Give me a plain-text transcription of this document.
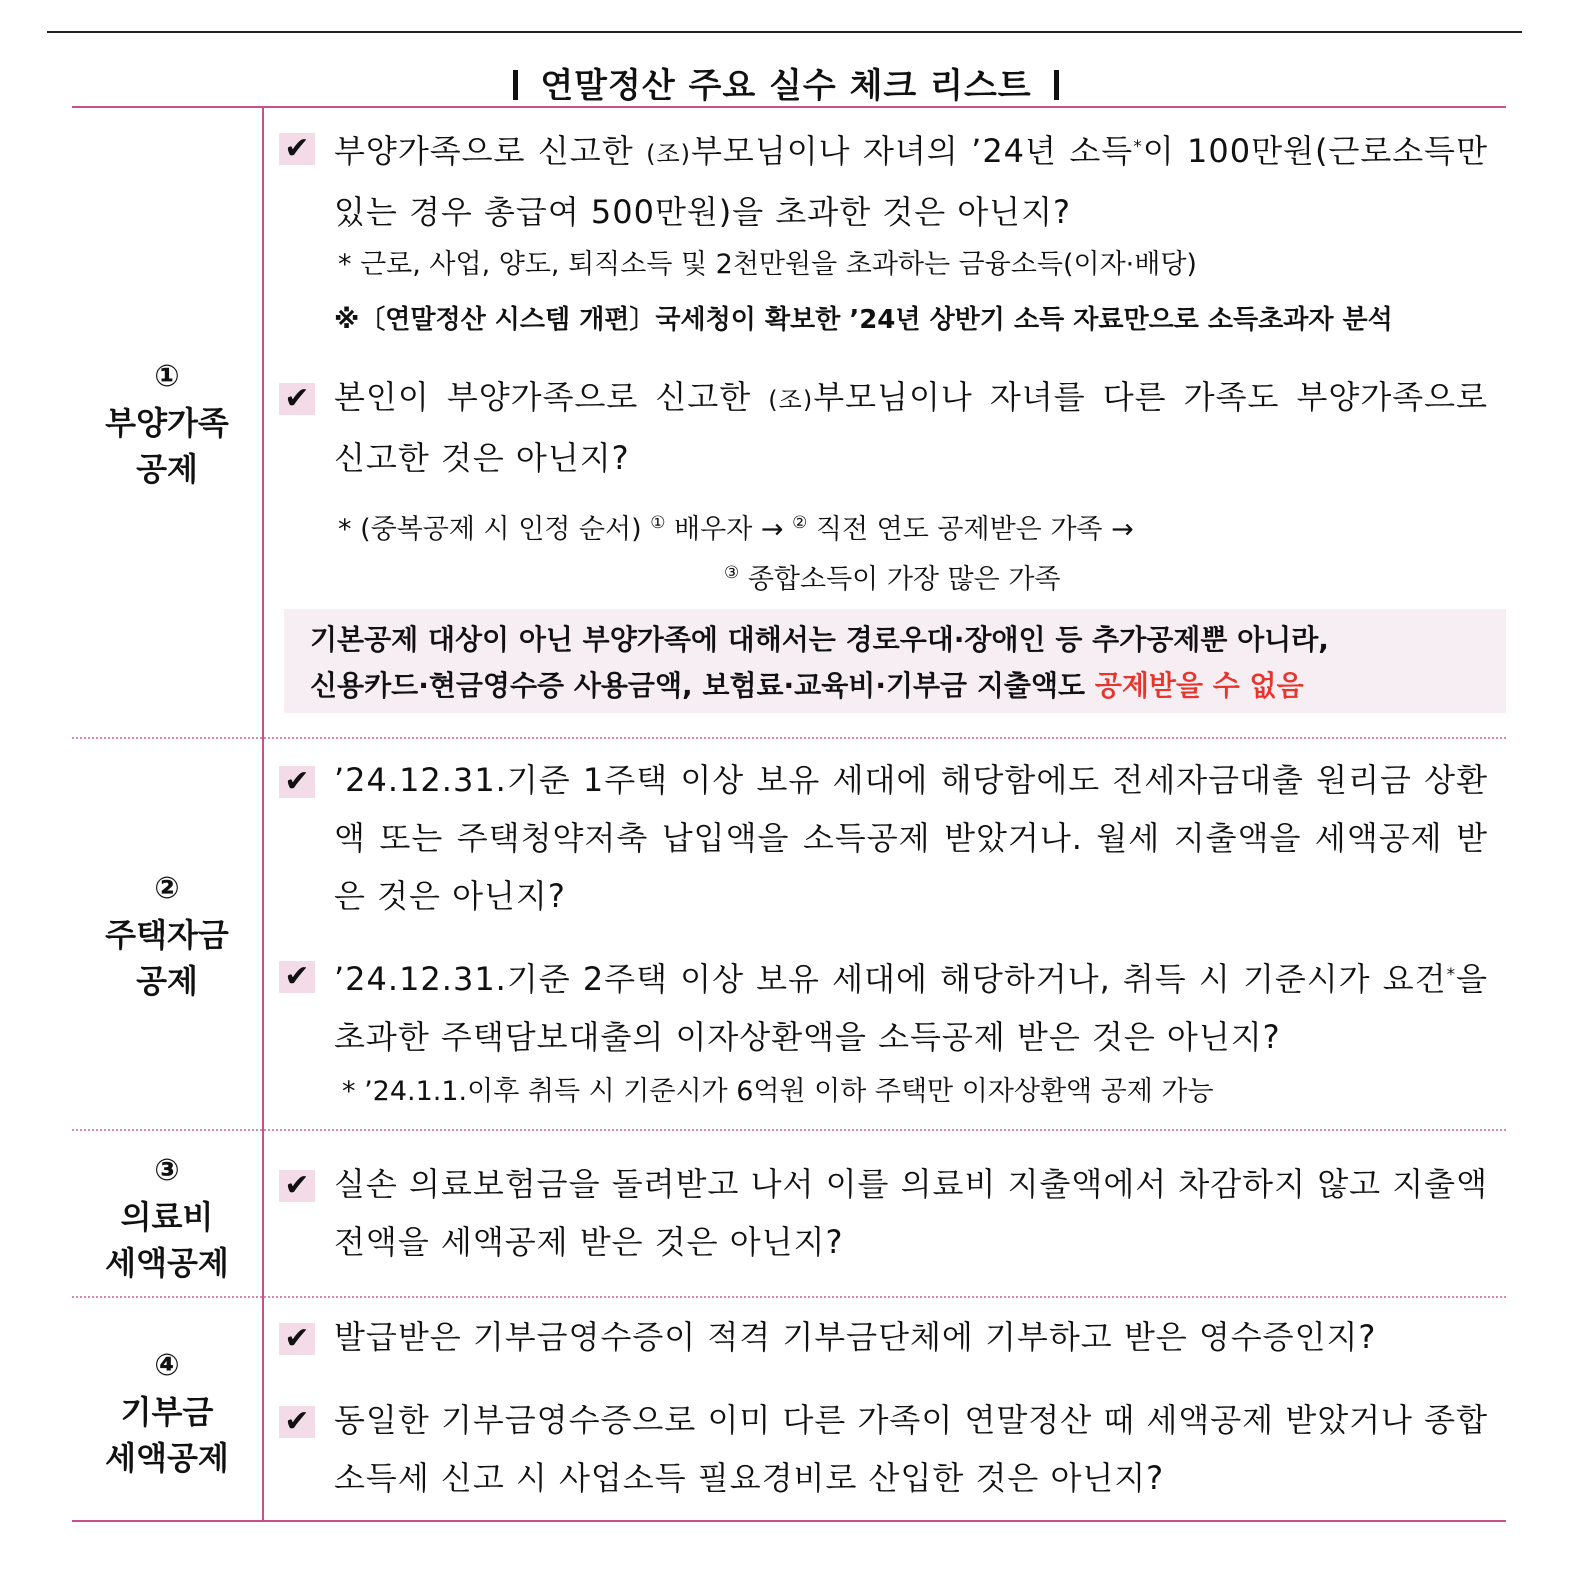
연말정산 주요 실수 체크 리스트
①
부양가족
공제
✔ 부양가족으로 신고한 (조)부모님이나 자녀의 ’24년 소득*이 100만원(근로소득만 있는 경우 총급여 500만원)을 초과한 것은 아닌지?
* 근로, 사업, 양도, 퇴직소득 및 2천만원을 초과하는 금융소득(이자·배당)
※〔연말정산 시스템 개편〕국세청이 확보한 ’24년 상반기 소득 자료만으로 소득초과자 분석
✔ 본인이 부양가족으로 신고한 (조)부모님이나 자녀를 다른 가족도 부양가족으로 신고한 것은 아닌지?
* (중복공제 시 인정 순서) ① 배우자 → ② 직전 연도 공제받은 가족 →
③ 종합소득이 가장 많은 가족
기본공제 대상이 아닌 부양가족에 대해서는 경로우대·장애인 등 추가공제뿐 아니라,
신용카드·현금영수증 사용금액, 보험료·교육비·기부금 지출액도 공제받을 수 없음
②
주택자금
공제
✔ ’24.12.31.기준 1주택 이상 보유 세대에 해당함에도 전세자금대출 원리금 상환액 또는 주택청약저축 납입액을 소득공제 받았거나. 월세 지출액을 세액공제 받은 것은 아닌지?
✔ ’24.12.31.기준 2주택 이상 보유 세대에 해당하거나, 취득 시 기준시가 요건*을 초과한 주택담보대출의 이자상환액을 소득공제 받은 것은 아닌지?
* ’24.1.1.이후 취득 시 기준시가 6억원 이하 주택만 이자상환액 공제 가능
③
의료비
세액공제
✔ 실손 의료보험금을 돌려받고 나서 이를 의료비 지출액에서 차감하지 않고 지출액 전액을 세액공제 받은 것은 아닌지?
④
기부금
세액공제
✔ 발급받은 기부금영수증이 적격 기부금단체에 기부하고 받은 영수증인지?
✔ 동일한 기부금영수증으로 이미 다른 가족이 연말정산 때 세액공제 받았거나 종합소득세 신고 시 사업소득 필요경비로 산입한 것은 아닌지?
